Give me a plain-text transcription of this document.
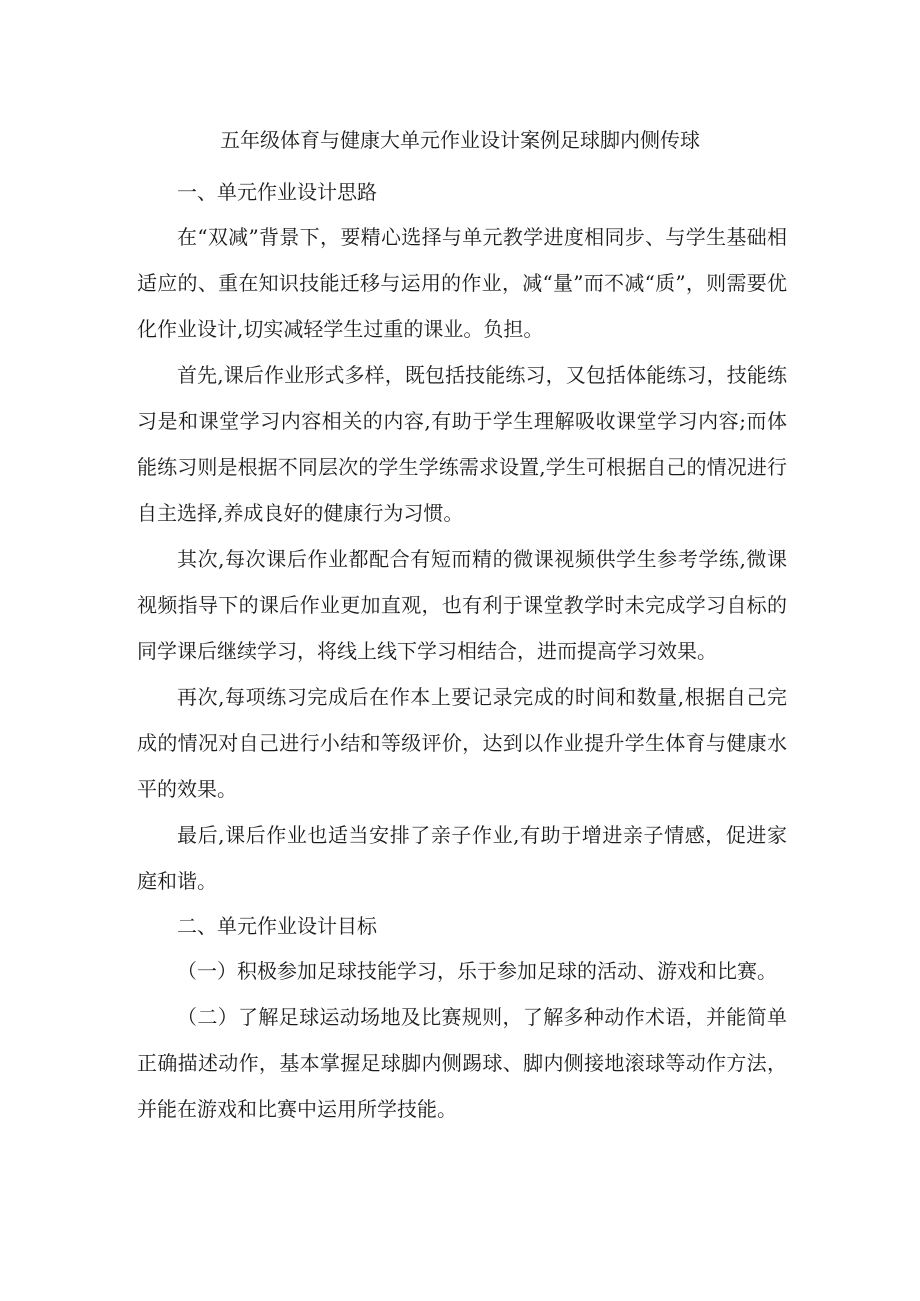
五年级体育与健康大单元作业设计案例足球脚内侧传球
一、单元作业设计思路

在“双减”背景下，要精心选择与单元教学进度相同步、与学生基础相适应的、重在知识技能迁移与运用的作业，减“量”而不减“质”，则需要优化作业设计,切实减轻学生过重的课业。负担。

首先,课后作业形式多样，既包括技能练习，又包括体能练习，技能练习是和课堂学习内容相关的内容,有助于学生理解吸收课堂学习内容;而体能练习则是根据不同层次的学生学练需求设置,学生可根据自己的情况进行自主选择,养成良好的健康行为习惯。

其次,每次课后作业都配合有短而精的微课视频供学生参考学练,微课视频指导下的课后作业更加直观，也有利于课堂教学时未完成学习自标的同学课后继续学习，将线上线下学习相结合，进而提高学习效果。

再次,每项练习完成后在作本上要记录完成的时间和数量,根据自己完成的情况对自己进行小结和等级评价，达到以作业提升学生体育与健康水平的效果。

最后,课后作业也适当安排了亲子作业,有助于增进亲子情感，促进家庭和谐。

二、单元作业设计目标

（一）积极参加足球技能学习，乐于参加足球的活动、游戏和比赛。

（二）了解足球运动场地及比赛规则，了解多种动作术语，并能简单正确描述动作，基本掌握足球脚内侧踢球、脚内侧接地滚球等动作方法，并能在游戏和比赛中运用所学技能。
